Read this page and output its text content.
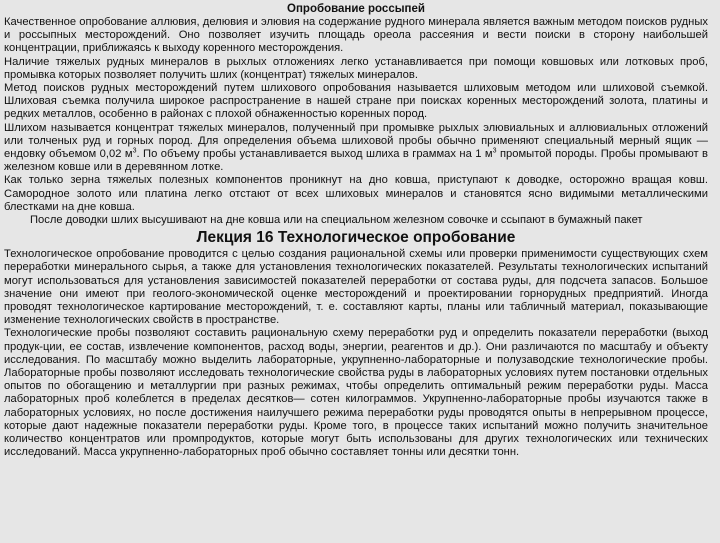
Опробование россыпей

Качественное опробование аллювия, делювия и элювия на содержание рудного минерала является важным методом поисков рудных и россыпных месторождений. Оно позволяет изучить площадь ореола рассеяния и вести поиски в сторону наибольшей концентрации, приближаясь к выходу коренного месторождения.

Наличие тяжелых рудных минералов в рыхлых отложениях легко устанавливается при помощи ковшовых или лотковых проб, промывка которых позволяет получить шлих (концентрат) тяжелых минералов.

Метод поисков рудных месторождений путем шлихового опробования называется шлиховым методом или шлиховой съемкой. Шлиховая съемка получила широкое распространение в нашей стране при поисках коренных месторождений золота, платины и редких металлов, особенно в районах с плохой обнаженностью коренных пород.

Шлихом называется концентрат тяжелых минералов, полученный при промывке рыхлых элювиальных и аллювиальных отложений или толченых руд и горных пород. Для определения объема шлиховой пробы обычно применяют специальный мерный ящик — ендовку объемом 0,02 $м^3$. По объему пробы устанавливается выход шлиха в граммах на 1 $м^3$ промытой породы. Пробы промывают в железном ковше или в деревянном лотке.

Как только зерна тяжелых полезных компонентов проникнут на дно ковша, приступают к доводке, осторожно вращая ковш. Самородное золото или платина легко отстают от всех шлиховых минералов и становятся ясно видимыми металлическими блестками на дне ковша.

После доводки шлих высушивают на дне ковша или на специальном железном совочке и ссыпают в бумажный пакет

Лекция 16 Технологическое опробование

Технологическое опробование проводится с целью создания рациональной схемы или проверки применимости существующих схем переработки минерального сырья, а также для установления технологических показателей. Результаты технологических испытаний могут использоваться для установления зависимостей показателей переработки от состава руды, для подсчета запасов. Большое значение они имеют при геолого-экономической оценке месторождений и проектировании горнорудных предприятий. Иногда проводят технологическое картирование месторождений, т. е. составляют карты, планы или табличный материал, показывающие изменение технологических свойств в пространстве.

Технологические пробы позволяют составить рациональную схему переработки руд и определить показатели переработки (выход продук-ции, ее состав, извлечение компонентов, расход воды, энергии, реагентов и др.). Они различаются по масштабу и объекту исследования. По масштабу можно выделить лабораторные, укрупненно-лабораторные и полузаводские технологические пробы. Лабораторные пробы позволяют исследовать технологические свойства руды в лабораторных условиях путем постановки отдельных опытов по обогащению и металлургии при разных режимах, чтобы определить оптимальный режим переработки руды. Масса лабораторных проб колеблется в пределах десятков— сотен килограммов. Укрупненно-лабораторные пробы изучаются также в лабораторных условиях, но после достижения наилучшего режима переработки руды проводятся опыты в непрерывном процессе, которые дают надежные показатели переработки руды. Кроме того, в процессе таких испытаний можно получить значительное количество концентратов или промпродуктов, которые могут быть использованы для других технологических или технических исследований. Масса укрупненно-лабораторных проб обычно составляет тонны или десятки тонн.
